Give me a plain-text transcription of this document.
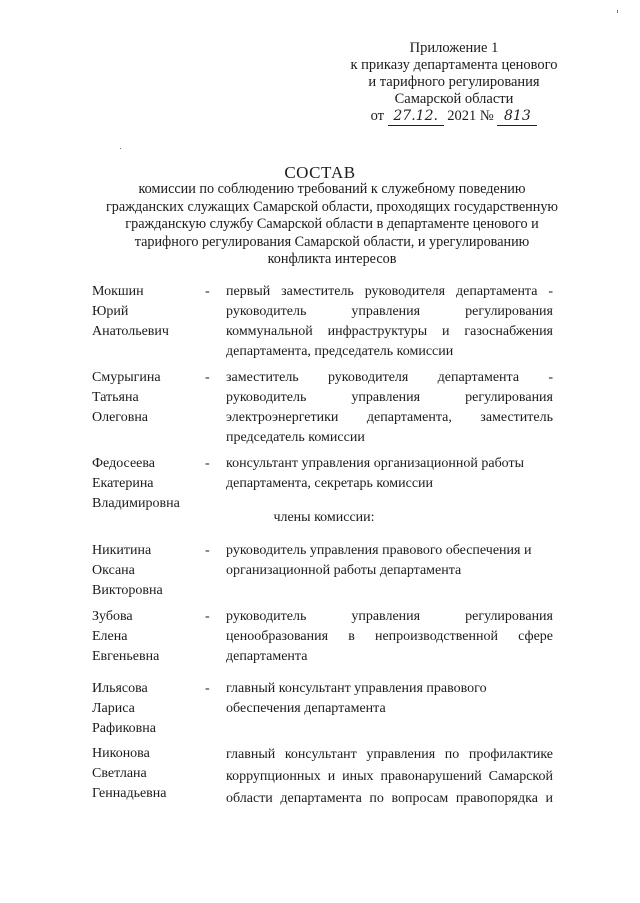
Приложение 1
к приказу департамента ценового
и тарифного регулирования
Самарской области
от 27.12. 2021 № 813
СОСТАВ
комиссии по соблюдению требований к служебному поведению
гражданских служащих Самарской области, проходящих государственную
гражданскую службу Самарской области в департаменте ценового и
тарифного регулирования Самарской области, и урегулированию
конфликта интересов
Мокшин
Юрий
Анатольевич
- первый заместитель руководителя департамента - руководитель управления регулирования коммунальной инфраструктуры и газоснабжения департамента, председатель комиссии
Смурыгина
Татьяна
Олеговна
- заместитель руководителя департамента - руководитель управления регулирования электроэнергетики департамента, заместитель председатель комиссии
Федосеева
Екатерина
Владимировна
- консультант управления организационной работы департамента, секретарь комиссии
члены комиссии:
Никитина
Оксана
Викторовна
- руководитель управления правового обеспечения и организационной работы департамента
Зубова
Елена
Евгеньевна
- руководитель управления регулирования ценообразования в непроизводственной сфере департамента
Ильясова
Лариса
Рафиковна
- главный консультант управления правового обеспечения департамента
Никонова
Светлана
Геннадьевна
главный консультант управления по профилактике коррупционных и иных правонарушений Самарской области департамента по вопросам правопорядка и
